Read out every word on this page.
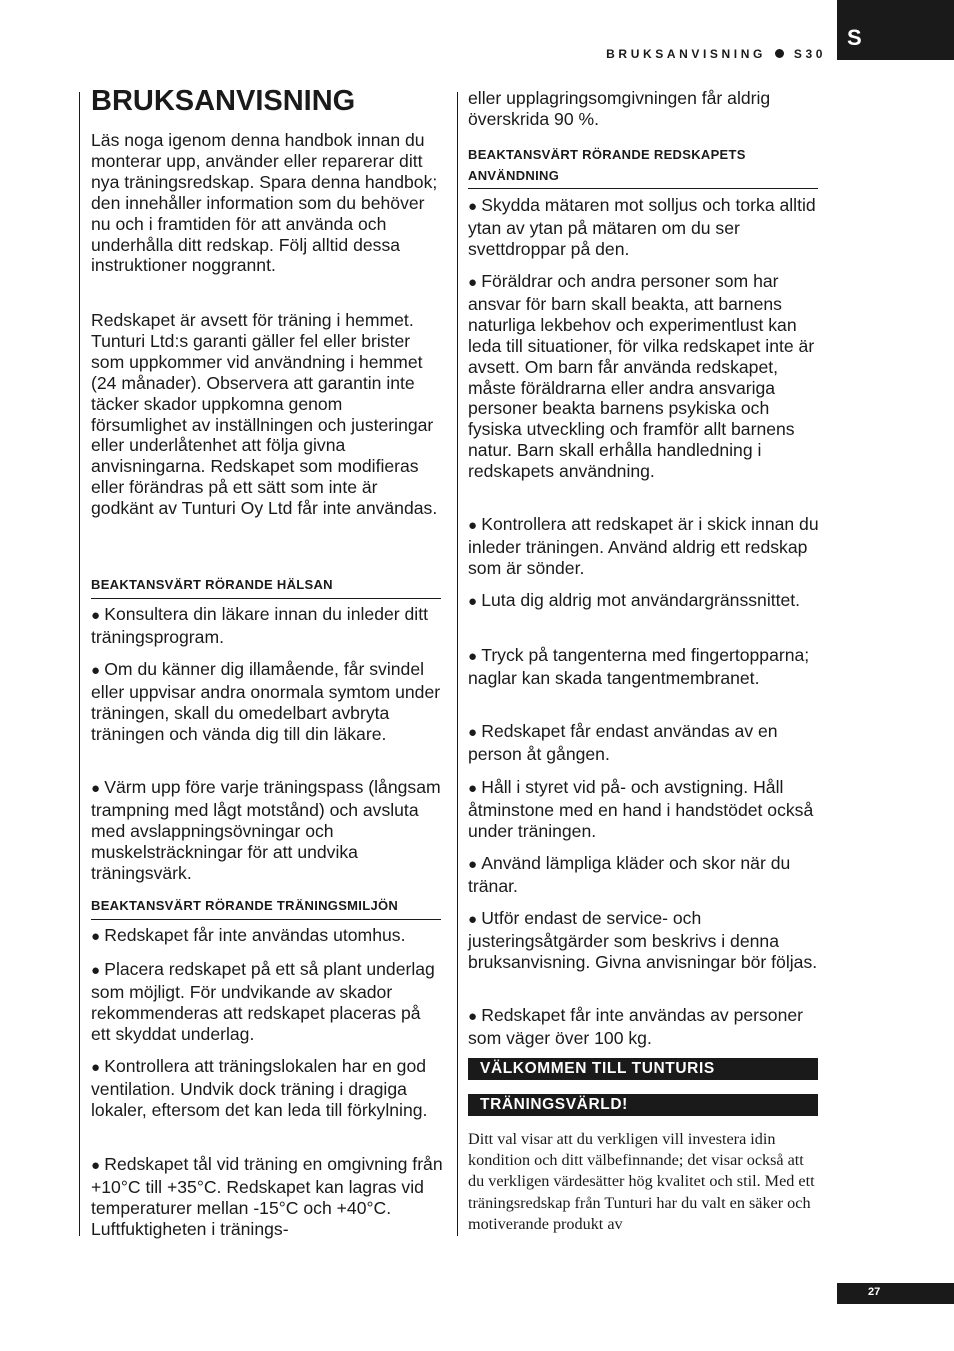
S
BRUKSANVISNING S30
BRUKSANVISNING

Läs noga igenom denna handbok innan du monterar upp, använder eller reparerar ditt nya träningsredskap. Spara denna handbok; den innehåller information som du behöver nu och i framtiden för att använda och underhålla ditt redskap. Följ alltid dessa instruktioner noggrannt.

Redskapet är avsett för träning i hemmet. Tunturi Ltd:s garanti gäller fel eller brister som uppkommer vid användning i hemmet (24 månader). Observera att garantin inte täcker skador uppkomna genom försumlighet av inställningen och justeringar eller underlåtenhet att följa givna anvisningarna. Redskapet som modifieras eller förändras på ett sätt som inte är godkänt av Tunturi Oy Ltd får inte användas.

BEAKTANSVÄRT RÖRANDE HÄLSAN

● Konsultera din läkare innan du inleder ditt träningsprogram.

● Om du känner dig illamående, får svindel eller uppvisar andra onormala symtom under träningen, skall du omedelbart avbryta träningen och vända dig till din läkare.

● Värm upp före varje träningspass (långsam trampning med lågt motstånd) och avsluta med avslappningsövningar och muskelsträckningar för att undvika träningsvärk.

BEAKTANSVÄRT RÖRANDE TRÄNINGSMILJÖN

● Redskapet får inte användas utomhus.

● Placera redskapet på ett så plant underlag som möjligt. För undvikande av skador rekommenderas att redskapet placeras på ett skyddat underlag.

● Kontrollera att träningslokalen har en god ventilation. Undvik dock träning i dragiga lokaler, eftersom det kan leda till förkylning.

● Redskapet tål vid träning en omgivning från +10°C till +35°C. Redskapet kan lagras vid temperaturer mellan -15°C och +40°C. Luftfuktigheten i tränings-

eller upplagringsomgivningen får aldrig överskrida 90 %.

BEAKTANSVÄRT RÖRANDE REDSKAPETS ANVÄNDNING

● Skydda mätaren mot solljus och torka alltid ytan av ytan på mätaren om du ser svettdroppar på den.

● Föräldrar och andra personer som har ansvar för barn skall beakta, att barnens naturliga lekbehov och experimentlust kan leda till situationer, för vilka redskapet inte är avsett. Om barn får använda redskapet, måste föräldrarna eller andra ansvariga personer beakta barnens psykiska och fysiska utveckling och framför allt barnens natur. Barn skall erhålla handledning i redskapets användning.

● Kontrollera att redskapet är i skick innan du inleder träningen. Använd aldrig ett redskap som är sönder.

● Luta dig aldrig mot användargränssnittet.

● Tryck på tangenterna med fingertopparna; naglar kan skada tangentmembranet.

● Redskapet får endast användas av en person åt gången.

● Håll i styret vid på- och avstigning. Håll åtminstone med en hand i handstödet också under träningen.

● Använd lämpliga kläder och skor när du tränar.

● Utför endast de service- och justeringsåtgärder som beskrivs i denna bruksanvisning. Givna anvisningar bör följas.

● Redskapet får inte användas av personer som väger över 100 kg.

VÄLKOMMEN TILL TUNTURIS
TRÄNINGSVÄRLD!

Ditt val visar att du verkligen vill investera idin kondition och ditt välbefinnande; det visar också att du verkligen värdesätter hög kvalitet och stil. Med ett träningsredskap från Tunturi har du valt en säker och motiverande produkt av

27
